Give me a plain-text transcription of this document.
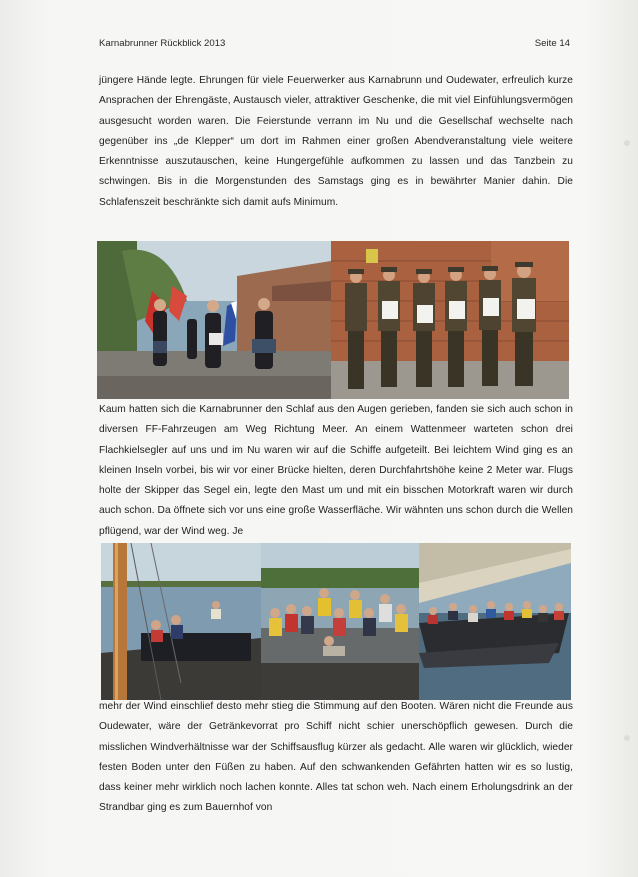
Karnabrunner Rückblick 2013	Seite 14

jüngere Hände legte. Ehrungen für viele Feuerwerker aus Karnabrunn und Oudewater, erfreulich kurze Ansprachen der Ehrengäste, Austausch vieler, attraktiver Geschenke, die mit viel Einfühlungsvermögen ausgesucht worden waren. Die Feierstunde verrann im Nu und die Gesellschaf wechselte nach gegenüber ins „de Klepper“ um dort im Rahmen einer großen Abendveranstaltung viele weitere Erkenntnisse auszutauschen, keine Hungergefühle aufkommen zu lassen und das Tanzbein zu schwingen. Bis in die Morgenstunden des Samstags ging es in bewährter Manier dahin. Die Schlafenszeit beschränkte sich damit aufs Minimum.

Kaum hatten sich die Karnabrunner den Schlaf aus den Augen gerieben, fanden sie sich auch schon in diversen FF-Fahrzeugen am Weg Richtung Meer. An einem Wattenmeer warteten schon drei Flachkielsegler auf uns und im Nu waren wir auf die Schiffe aufgeteilt. Bei leichtem Wind ging es an kleinen Inseln vorbei, bis wir vor einer Brücke hielten, deren Durchfahrtshöhe keine 2 Meter war. Flugs holte der Skipper das Segel ein, legte den Mast um und mit ein bisschen Motorkraft waren wir durch auch schon. Da öffnete sich vor uns eine große Wasserfläche. Wir wähnten uns schon durch die Wellen pflügend, war der Wind weg. Je

mehr der Wind einschlief desto mehr stieg die Stimmung auf den Booten. Wären nicht die Freunde aus Oudewater, wäre der Getränkevorrat pro Schiff nicht schier unerschöpflich gewesen. Durch die misslichen Windverhältnisse war der Schiffsausflug kürzer als gedacht. Alle waren wir glücklich, wieder festen Boden unter den Füßen zu haben. Auf den schwankenden Gefährten hatten wir es so lustig, dass keiner mehr wirklich noch lachen konnte. Alles tat schon weh. Nach einem Erholungsdrink an der Strandbar ging es zum Bauernhof von
